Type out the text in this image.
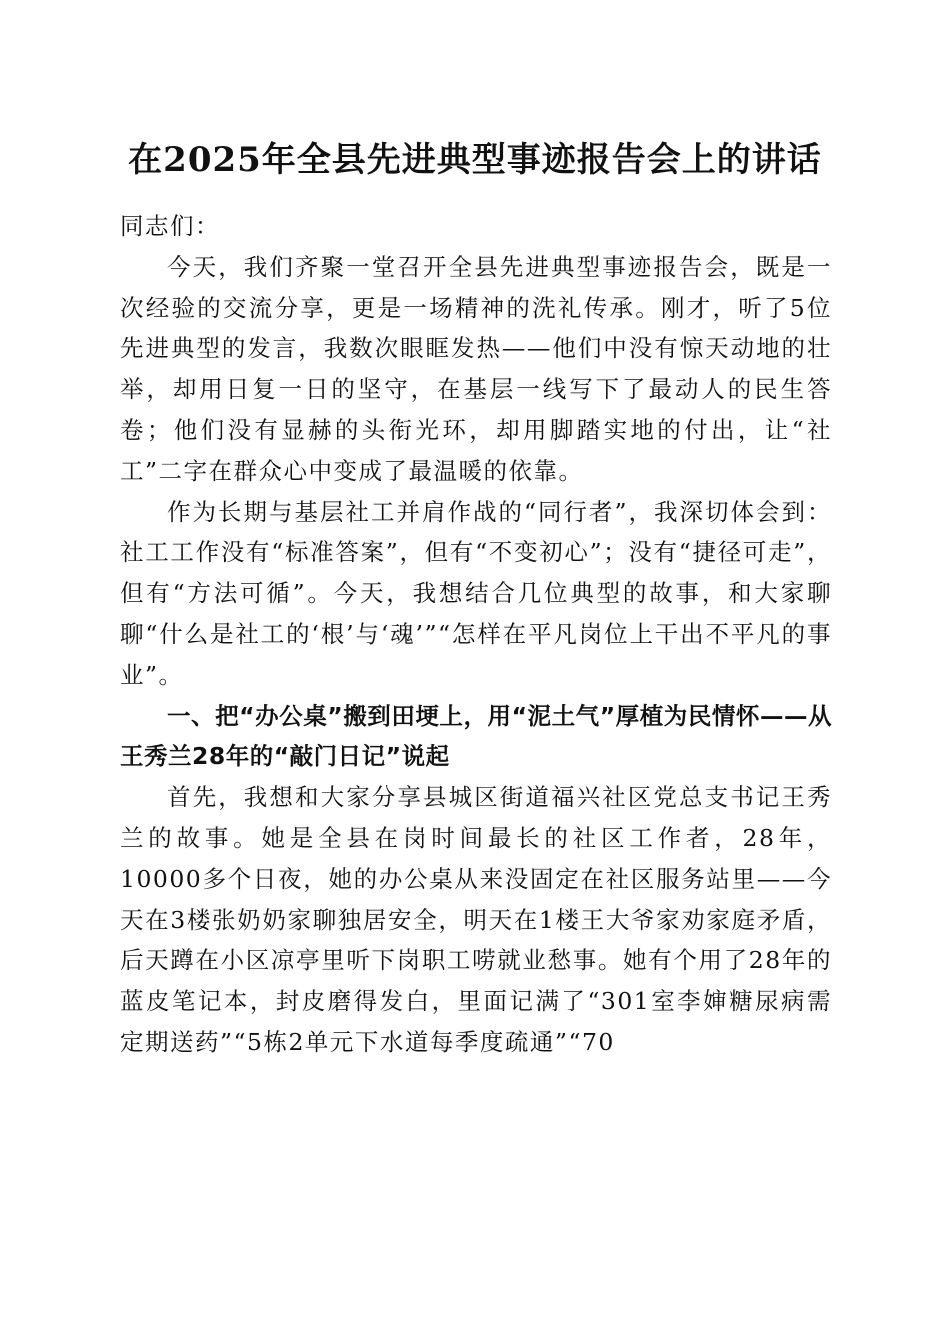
在2025年全县先进典型事迹报告会上的讲话

同志们：

今天，我们齐聚一堂召开全县先进典型事迹报告会，既是一次经验的交流分享，更是一场精神的洗礼传承。刚才，听了5位先进典型的发言，我数次眼眶发热——他们中没有惊天动地的壮举，却用日复一日的坚守，在基层一线写下了最动人的民生答卷；他们没有显赫的头衔光环，却用脚踏实地的付出，让“社工”二字在群众心中变成了最温暖的依靠。

作为长期与基层社工并肩作战的“同行者”，我深切体会到：社工工作没有“标准答案”，但有“不变初心”；没有“捷径可走”，但有“方法可循”。今天，我想结合几位典型的故事，和大家聊聊“什么是社工的‘根’与‘魂’”“怎样在平凡岗位上干出不平凡的事业”。

一、把“办公桌”搬到田埂上，用“泥土气”厚植为民情怀——从王秀兰28年的“敲门日记”说起

首先，我想和大家分享县城区街道福兴社区党总支书记王秀兰的故事。她是全县在岗时间最长的社区工作者，28年，10000多个日夜，她的办公桌从来没固定在社区服务站里——今天在3楼张奶奶家聊独居安全，明天在1楼王大爷家劝家庭矛盾，后天蹲在小区凉亭里听下岗职工唠就业愁事。她有个用了28年的蓝皮笔记本，封皮磨得发白，里面记满了“301室李婶糖尿病需定期送药”“5栋2单元下水道每季度疏通”“70
